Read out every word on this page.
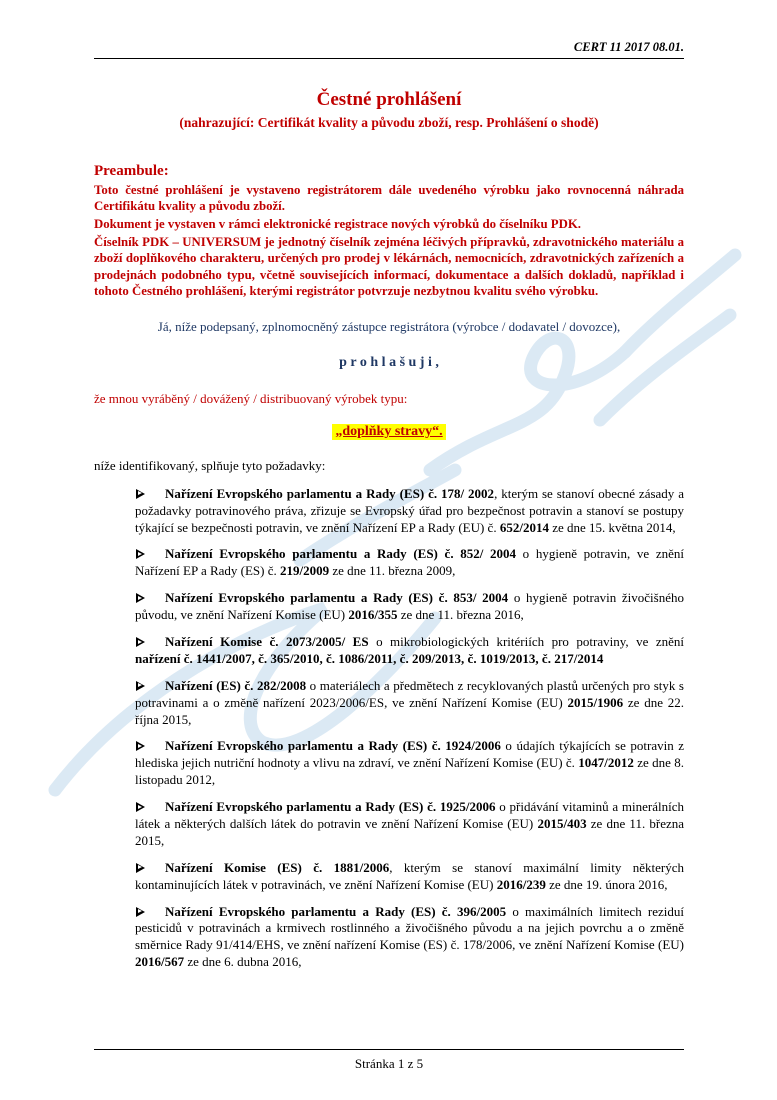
CERT 11 2017 08.01.
Čestné prohlášení
(nahrazující: Certifikát kvality a původu zboží, resp. Prohlášení o shodě)
Preambule:

Toto čestné prohlášení je vystaveno registrátorem dále uvedeného výrobku jako rovnocenná náhrada Certifikátu kvality a původu zboží.

Dokument je vystaven v rámci elektronické registrace nových výrobků do číselníku PDK.

Číselník PDK – UNIVERSUM je jednotný číselník zejména léčivých přípravků, zdravotnického materiálu a zboží doplňkového charakteru, určených pro prodej v lékárnách, nemocnicích, zdravotnických zařízeních a prodejnách podobného typu, včetně souvisejících informací, dokumentace a dalších dokladů, například i tohoto Čestného prohlášení, kterými registrátor potvrzuje nezbytnou kvalitu svého výrobku.

Já, níže podepsaný, zplnomocněný zástupce registrátora (výrobce / dodavatel / dovozce),

p r o h l a š u j i ,

že mnou vyráběný / dovážený / distribuovaný výrobek typu:

„doplňky stravy“.

níže identifikovaný, splňuje tyto požadavky:

Nařízení Evropského parlamentu a Rady (ES) č. 178/ 2002, kterým se stanoví obecné zásady a požadavky potravinového práva, zřizuje se Evropský úřad pro bezpečnost potravin a stanoví se postupy týkající se bezpečnosti potravin, ve znění Nařízení EP a Rady (EU) č. 652/2014 ze dne 15. května 2014,
Nařízení Evropského parlamentu a Rady (ES) č. 852/ 2004 o hygieně potravin, ve znění Nařízení EP a Rady (ES) č. 219/2009 ze dne 11. března 2009,
Nařízení Evropského parlamentu a Rady (ES) č. 853/ 2004 o hygieně potravin živočišného původu, ve znění Nařízení Komise (EU) 2016/355 ze dne 11. března 2016,
Nařízení Komise č. 2073/2005/ ES o mikrobiologických kritériích pro potraviny, ve znění nařízení č. 1441/2007, č. 365/2010, č. 1086/2011, č. 209/2013, č. 1019/2013, č. 217/2014
Nařízení (ES) č. 282/2008 o materiálech a předmětech z recyklovaných plastů určených pro styk s potravinami a o změně nařízení 2023/2006/ES, ve znění Nařízení Komise (EU) 2015/1906 ze dne 22. října 2015,
Nařízení Evropského parlamentu a Rady (ES) č. 1924/2006 o údajích týkajících se potravin z hlediska jejich nutriční hodnoty a vlivu na zdraví, ve znění Nařízení Komise (EU) č. 1047/2012 ze dne 8. listopadu 2012,
Nařízení Evropského parlamentu a Rady (ES) č. 1925/2006 o přidávání vitaminů a minerálních látek a některých dalších látek do potravin ve znění Nařízení Komise (EU) 2015/403 ze dne 11. března 2015,
Nařízení Komise (ES) č. 1881/2006, kterým se stanoví maximální limity některých kontaminujících látek v potravinách, ve znění Nařízení Komise (EU) 2016/239 ze dne 19. února 2016,
Nařízení Evropského parlamentu a Rady (ES) č. 396/2005 o maximálních limitech reziduí pesticidů v potravinách a krmivech rostlinného a živočišného původu a na jejich povrchu a o změně směrnice Rady 91/414/EHS, ve znění nařízení Komise (ES) č. 178/2006, ve znění Nařízení Komise (EU) 2016/567 ze dne 6. dubna 2016,
Stránka 1 z 5
